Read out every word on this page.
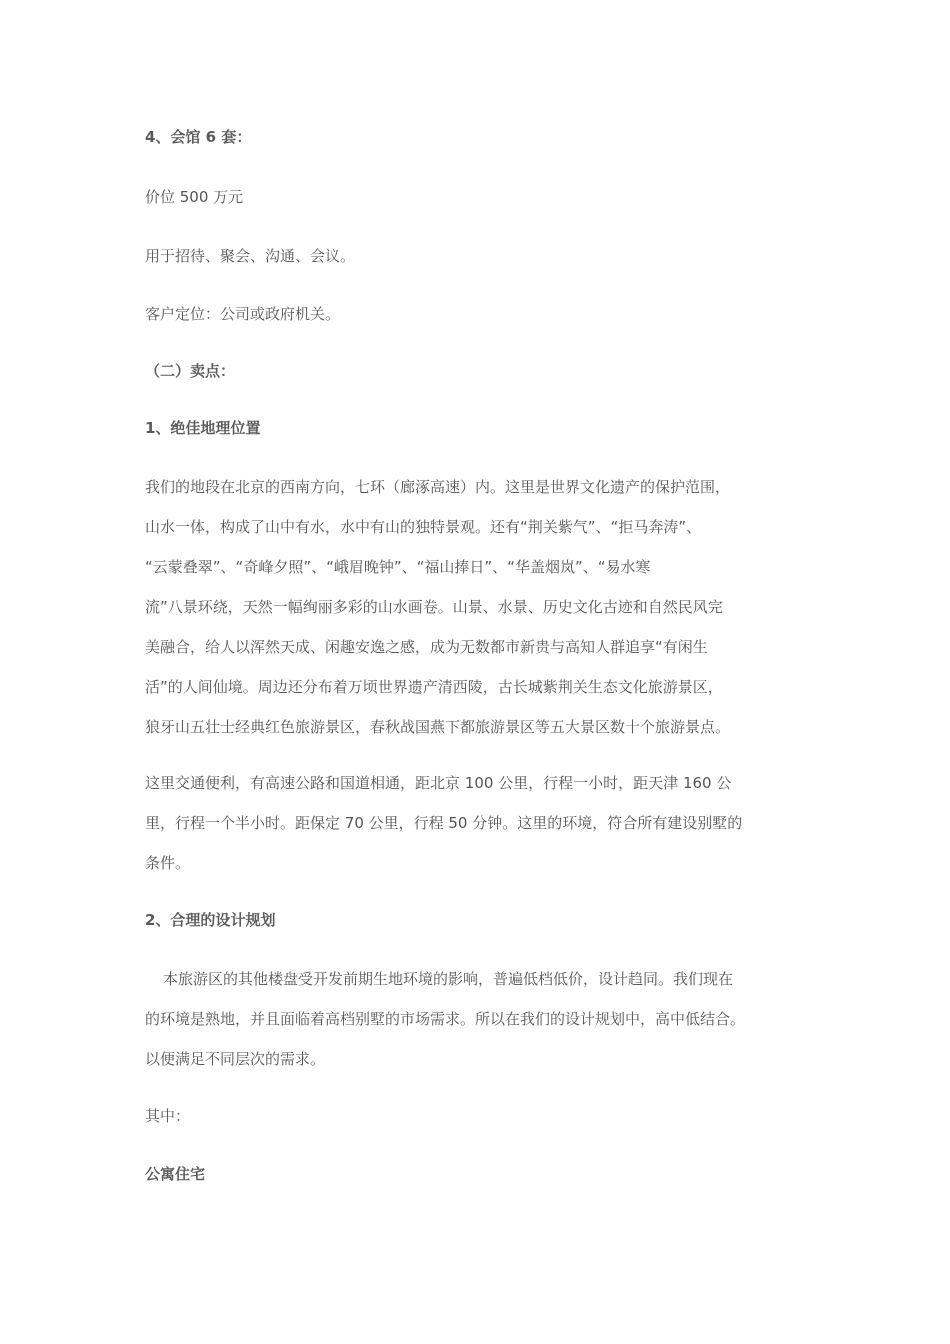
4、会馆 6 套：
价位 500 万元
用于招待、聚会、沟通、会议。
客户定位：公司或政府机关。
（二）卖点：
1、绝佳地理位置
我们的地段在北京的西南方向，七环（廊涿高速）内。这里是世界文化遗产的保护范围，
山水一体，构成了山中有水，水中有山的独特景观。还有“荆关紫气”、“拒马奔涛”、
“云蒙叠翠”、“奇峰夕照”、“峨眉晚钟”、“福山捧日”、“华盖烟岚”、“易水寒
流”八景环绕，天然一幅绚丽多彩的山水画卷。山景、水景、历史文化古迹和自然民风完
美融合，给人以浑然天成、闲趣安逸之感，成为无数都市新贵与高知人群追享“有闲生
活”的人间仙境。周边还分布着万顷世界遗产清西陵，古长城紫荆关生态文化旅游景区，
狼牙山五壮士经典红色旅游景区，春秋战国燕下都旅游景区等五大景区数十个旅游景点。
这里交通便利，有高速公路和国道相通，距北京 100 公里，行程一小时，距天津 160 公
里，行程一个半小时。距保定 70 公里，行程 50 分钟。这里的环境，符合所有建设别墅的
条件。
2、合理的设计规划
本旅游区的其他楼盘受开发前期生地环境的影响，普遍低档低价，设计趋同。我们现在
的环境是熟地，并且面临着高档别墅的市场需求。所以在我们的设计规划中，高中低结合。
以便满足不同层次的需求。
其中：
公寓住宅
